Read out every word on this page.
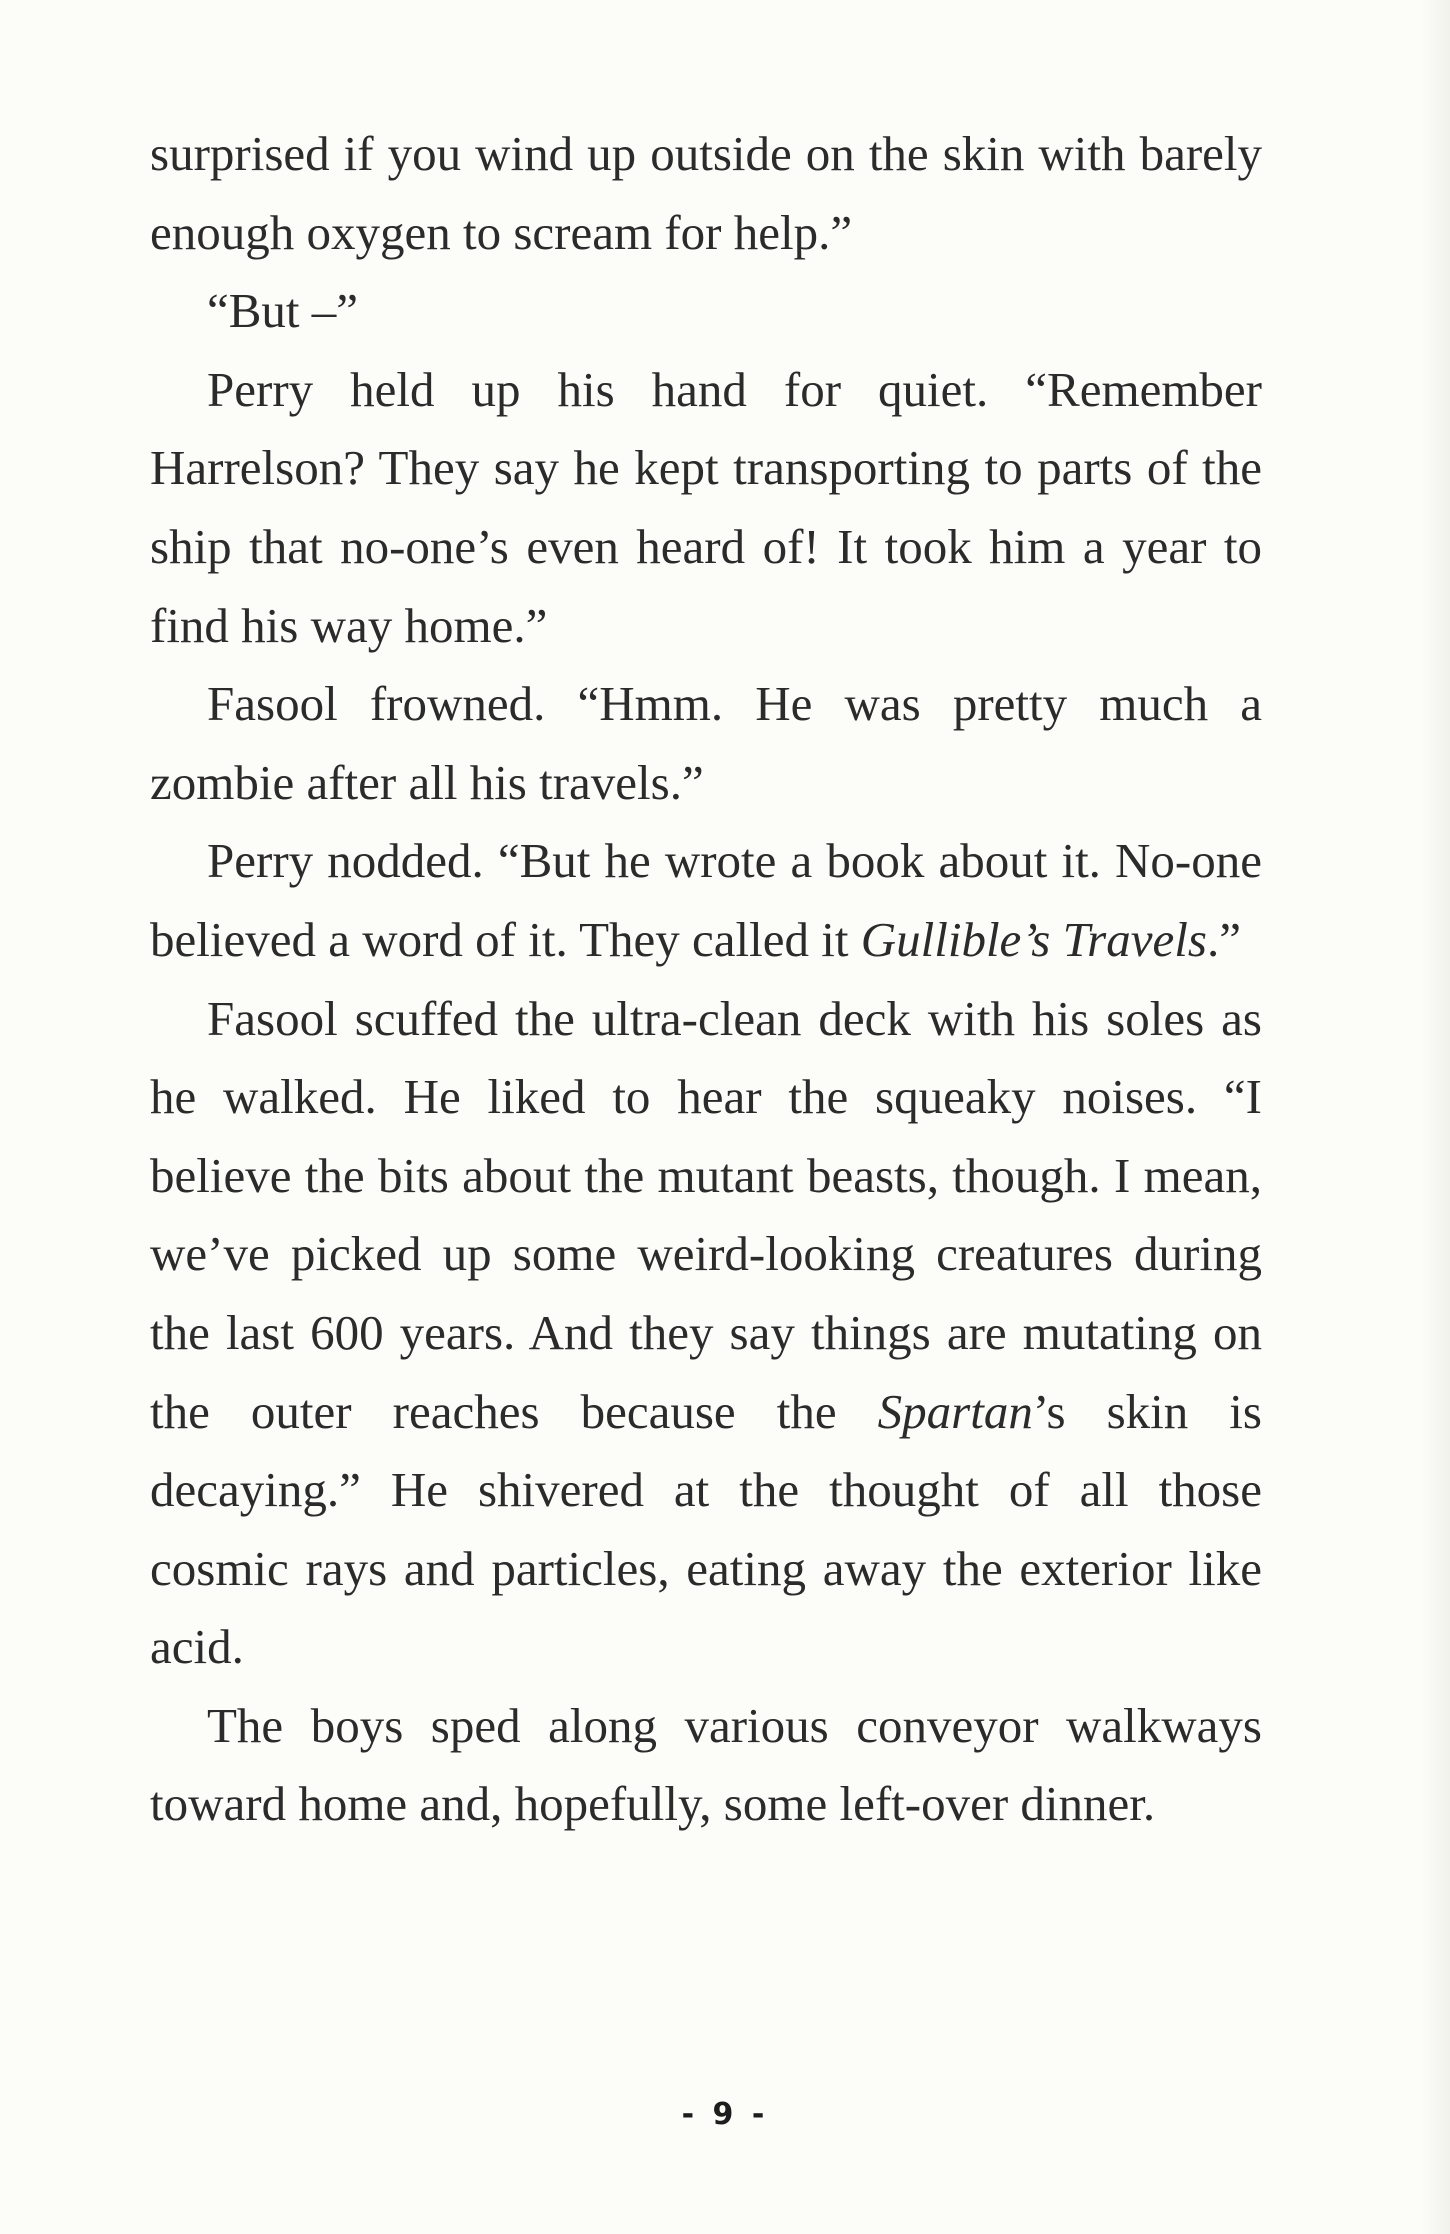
surprised if you wind up outside on the skin with barely enough oxygen to scream for help.”

“But –”

Perry held up his hand for quiet. “Remember Harrelson? They say he kept transporting to parts of the ship that no-one’s even heard of! It took him a year to find his way home.”

Fasool frowned. “Hmm. He was pretty much a zombie after all his travels.”

Perry nodded. “But he wrote a book about it. No-one believed a word of it. They called it Gullible’s Travels.”

Fasool scuffed the ultra-clean deck with his soles as he walked. He liked to hear the squeaky noises. “I believe the bits about the mutant beasts, though. I mean, we’ve picked up some weird-looking creatures during the last 600 years. And they say things are mutating on the outer reaches because the Spartan’s skin is decaying.” He shivered at the thought of all those cosmic rays and particles, eating away the exterior like acid.

The boys sped along various conveyor walkways toward home and, hopefully, some left-over dinner.

- 9 -
